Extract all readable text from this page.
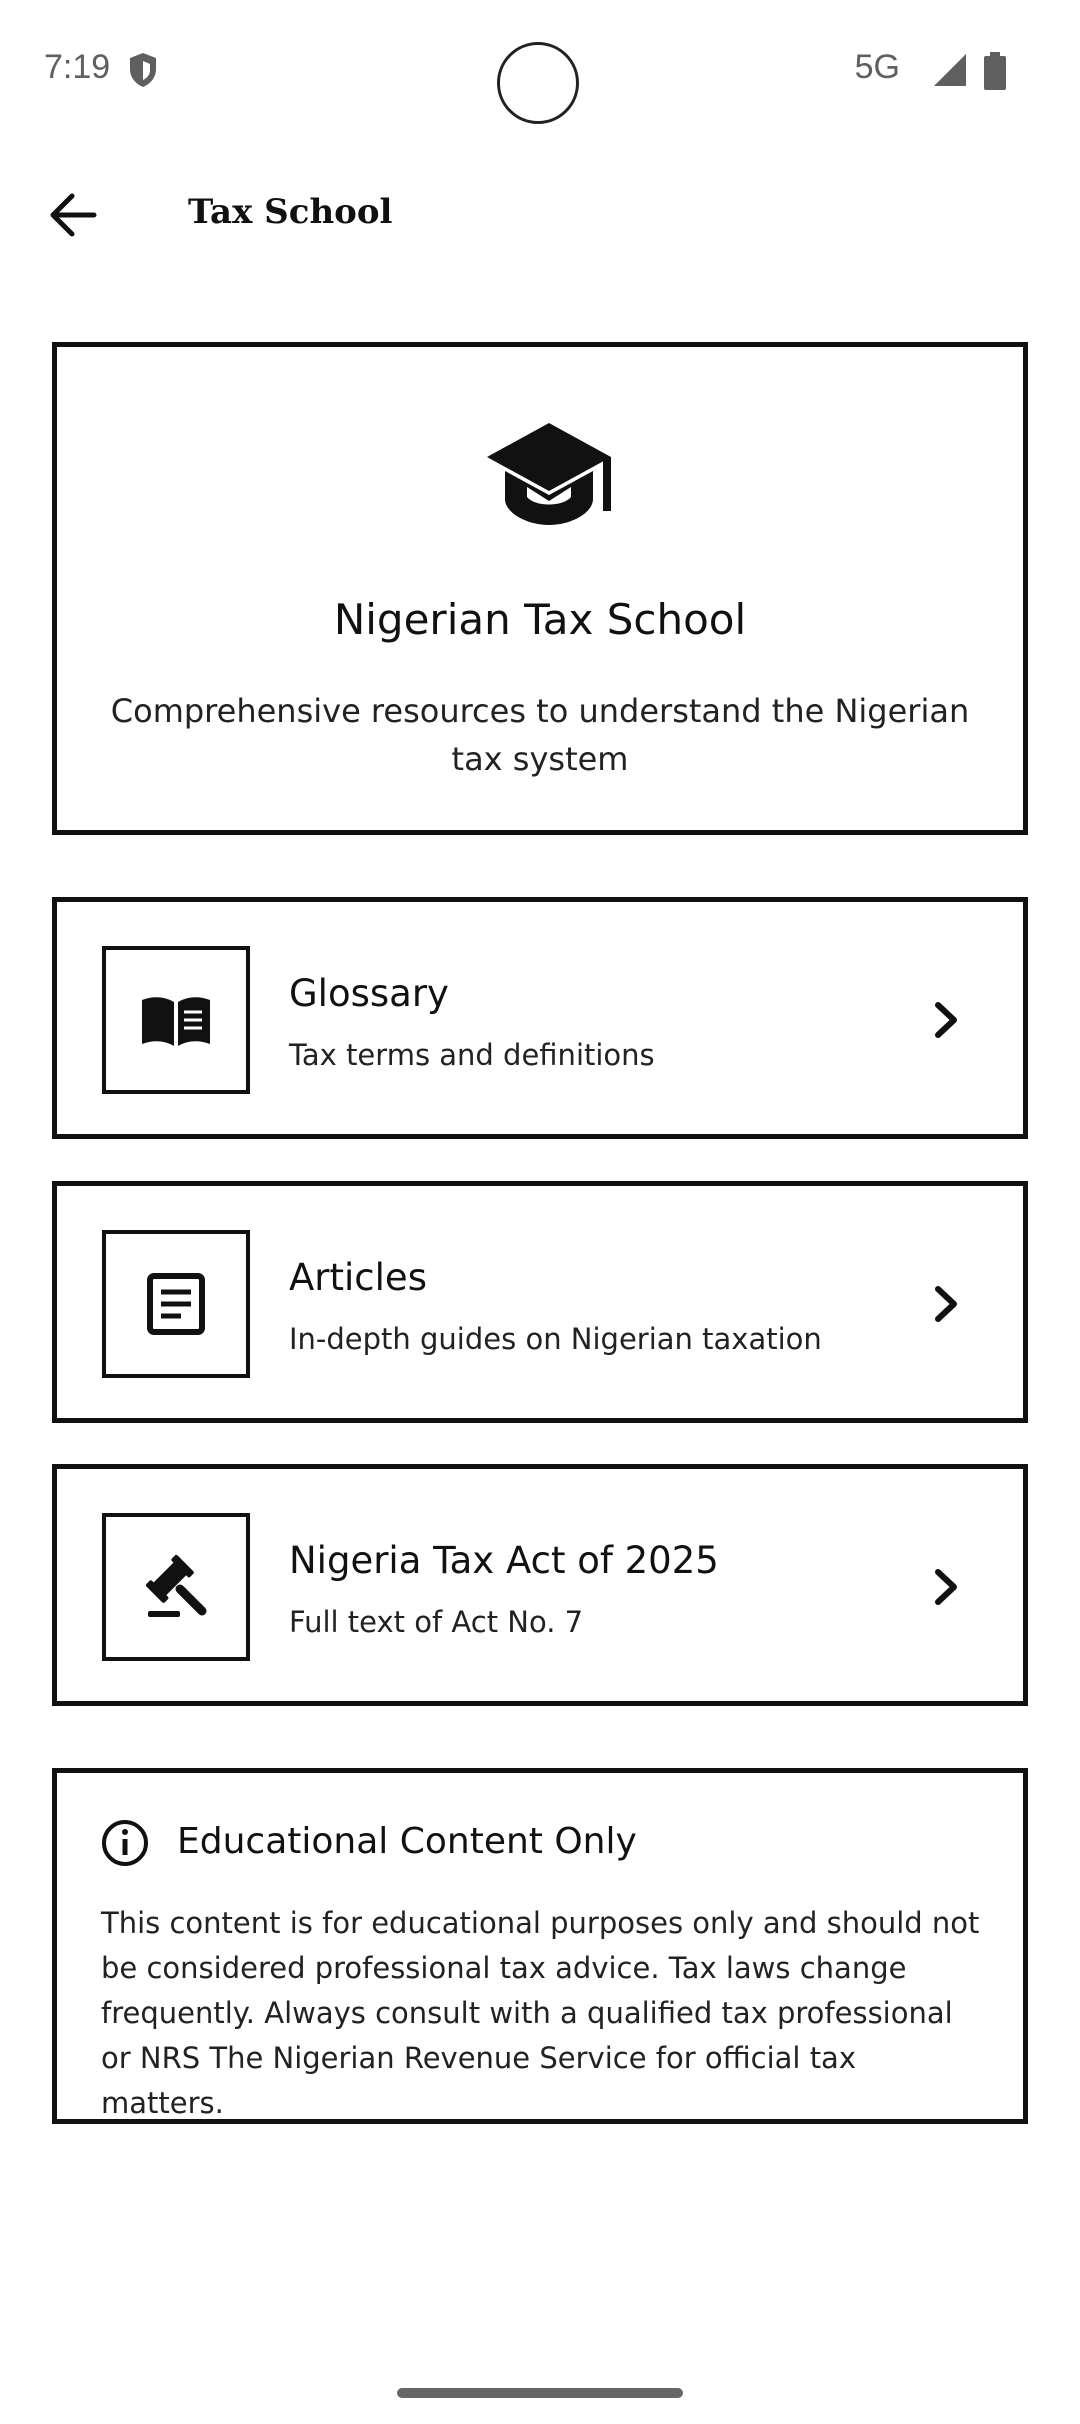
7:19	5G
Tax School
Nigerian Tax School
Comprehensive resources to understand the Nigerian tax system
Glossary
Tax terms and definitions
Articles
In-depth guides on Nigerian taxation
Nigeria Tax Act of 2025
Full text of Act No. 7
Educational Content Only
This content is for educational purposes only and should not be considered professional tax advice. Tax laws change frequently. Always consult with a qualified tax professional or NRS The Nigerian Revenue Service for official tax matters.
